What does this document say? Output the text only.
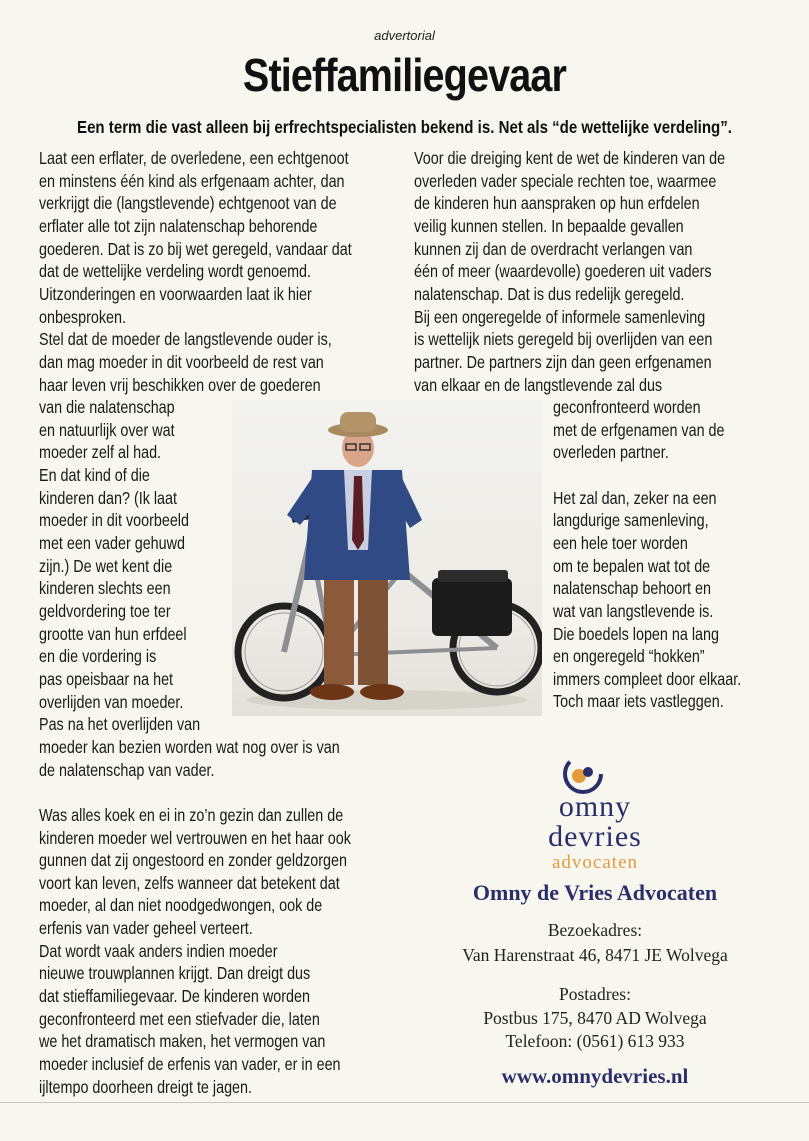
advertorial
Stieffamiliegevaar
Een term die vast alleen bij erfrechtspecialisten bekend is. Net als “de wettelijke verdeling”.
Laat een erflater, de overledene, een echtgenoot
en minstens één kind als erfgenaam achter, dan
verkrijgt die (langstlevende) echtgenoot van de
erflater alle tot zijn nalatenschap behorende
goederen. Dat is zo bij wet geregeld, vandaar dat
dat de wettelijke verdeling wordt genoemd.
Uitzonderingen en voorwaarden laat ik hier
onbesproken.
Stel dat de moeder de langstlevende ouder is,
dan mag moeder in dit voorbeeld de rest van
haar leven vrij beschikken over de goederen
van die nalatenschap
en natuurlijk over wat
moeder zelf al had.
En dat kind of die
kinderen dan? (Ik laat
moeder in dit voorbeeld
met een vader gehuwd
zijn.) De wet kent die
kinderen slechts een
geldvordering toe ter
grootte van hun erfdeel
en die vordering is
pas opeisbaar na het
overlijden van moeder.
Pas na het overlijden van
moeder kan bezien worden wat nog over is van
de nalatenschap van vader.
Was alles koek en ei in zo’n gezin dan zullen de
kinderen moeder wel vertrouwen en het haar ook
gunnen dat zij ongestoord en zonder geldzorgen
voort kan leven, zelfs wanneer dat betekent dat
moeder, al dan niet noodgedwongen, ook de
erfenis van vader geheel verteert.
Dat wordt vaak anders indien moeder
nieuwe trouwplannen krijgt. Dan dreigt dus
dat stieffamiliegevaar. De kinderen worden
geconfronteerd met een stiefvader die, laten
we het dramatisch maken, het vermogen van
moeder inclusief de erfenis van vader, er in een
ijltempo doorheen dreigt te jagen.
Voor die dreiging kent de wet de kinderen van de
overleden vader speciale rechten toe, waarmee
de kinderen hun aanspraken op hun erfdelen
veilig kunnen stellen. In bepaalde gevallen
kunnen zij dan de overdracht verlangen van
één of meer (waardevolle) goederen uit vaders
nalatenschap. Dat is dus redelijk geregeld.
Bij een ongeregelde of informele samenleving
is wettelijk niets geregeld bij overlijden van een
partner. De partners zijn dan geen erfgenamen
van elkaar en de langstlevende zal dus
geconfronteerd worden
met de erfgenamen van de
overleden partner.
Het zal dan, zeker na een
langdurige samenleving,
een hele toer worden
om te bepalen wat tot de
nalatenschap behoort en
wat van langstlevende is.
Die boedels lopen na lang
en ongeregeld “hokken”
immers compleet door elkaar.
Toch maar iets vastleggen.
omny
devries
advocaten
Omny de Vries Advocaten
Bezoekadres:
Van Harenstraat 46, 8471 JE Wolvega
Postadres:
Postbus 175, 8470 AD Wolvega
Telefoon: (0561) 613 933
www.omnydevries.nl
